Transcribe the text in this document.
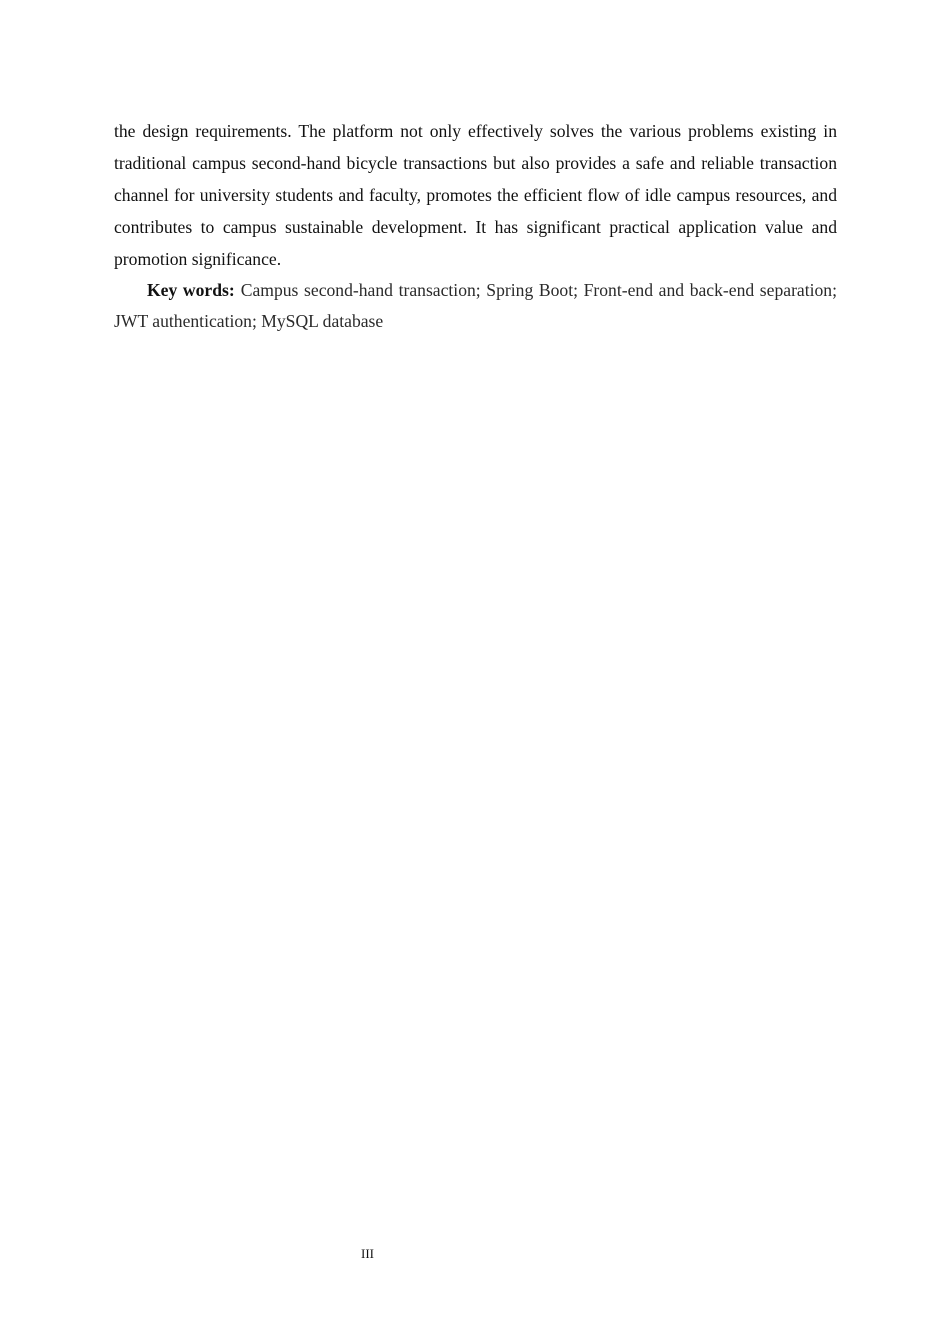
the design requirements. The platform not only effectively solves the various problems existing in traditional campus second-hand bicycle transactions but also provides a safe and reliable transaction channel for university students and faculty, promotes the efficient flow of idle campus resources, and contributes to campus sustainable development. It has significant practical application value and promotion significance.

Key words: Campus second-hand transaction; Spring Boot; Front-end and back-end separation; JWT authentication; MySQL database

III
